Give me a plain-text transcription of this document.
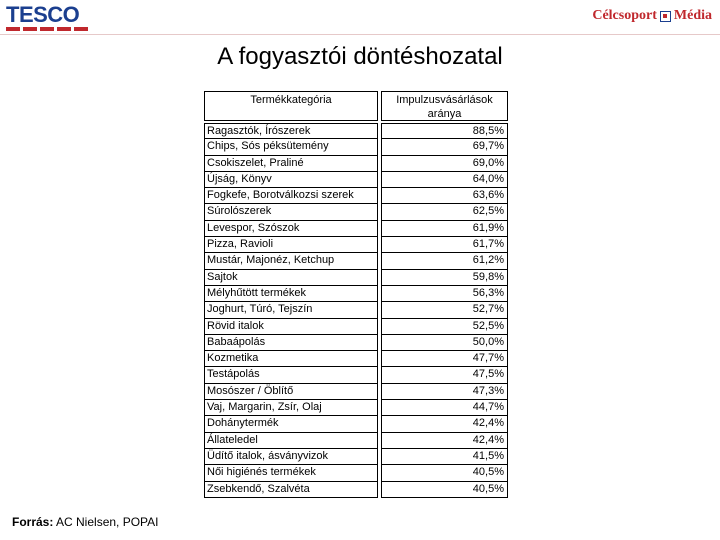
TESCO	Célcsoport Média
A fogyasztói döntéshozatal
Termékkategória	Impulzusvásárlások
aránya
Ragasztók, Írószerek	88,5%
Chips, Sós péksütemény	69,7%
Csokiszelet, Praliné	69,0%
Újság, Könyv	64,0%
Fogkefe, Borotválkozsi szerek	63,6%
Súrolószerek	62,5%
Levespor, Szószok	61,9%
Pizza, Ravioli	61,7%
Mustár, Majonéz, Ketchup	61,2%
Sajtok	59,8%
Mélyhűtött termékek	56,3%
Joghurt, Túró, Tejszín	52,7%
Rövid italok	52,5%
Babaápolás	50,0%
Kozmetika	47,7%
Testápolás	47,5%
Mosószer / Öblítő	47,3%
Vaj, Margarin, Zsír, Olaj	44,7%
Dohánytermék	42,4%
Állateledel	42,4%
Üdítő italok, ásványvizok	41,5%
Női higiénés termékek	40,5%
Zsebkendő, Szalvéta	40,5%
Forrás: AC Nielsen, POPAI
